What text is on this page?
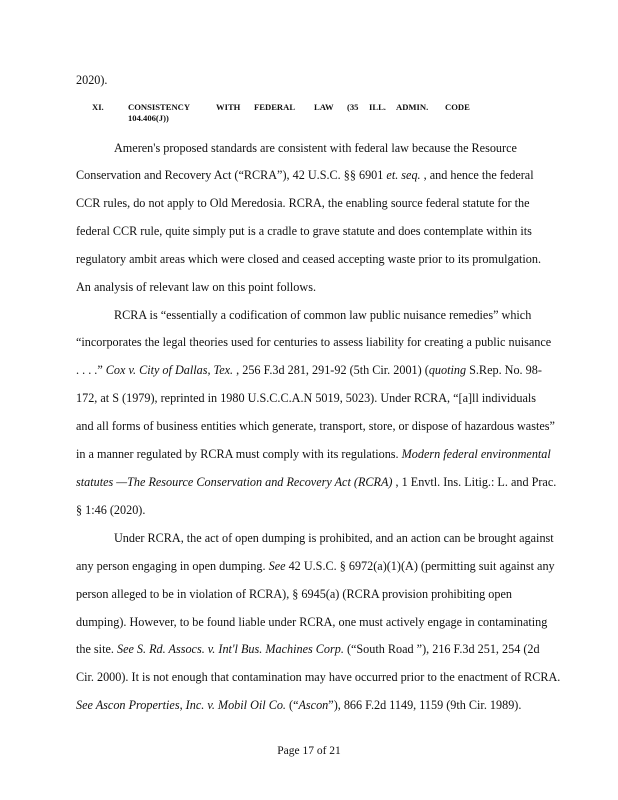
2020).
XI.	CONSISTENCY	WITH FEDERAL LAW (35 ILL. ADMIN. CODE
104.406(J))
Ameren's proposed standards are consistent with federal law because the Resource
Conservation and Recovery Act (“RCRA”), 42 U.S.C. §§ 6901 et. seq. , and hence the federal
CCR rules, do not apply to Old Meredosia. RCRA, the enabling source federal statute for the
federal CCR rule, quite simply put is a cradle to grave statute and does contemplate within its
regulatory ambit areas which were closed and ceased accepting waste prior to its promulgation.
An analysis of relevant law on this point follows.
RCRA is “essentially a codification of common law public nuisance remedies” which
“incorporates the legal theories used for centuries to assess liability for creating a public nuisance
. . . .” Cox v. City of Dallas, Tex. , 256 F.3d 281, 291-92 (5th Cir. 2001) (quoting S.Rep. No. 98-
172, at S (1979), reprinted in 1980 U.S.C.C.A.N 5019, 5023). Under RCRA, “[a]ll individuals
and all forms of business entities which generate, transport, store, or dispose of hazardous wastes”
in a manner regulated by RCRA must comply with its regulations. Modern federal environmental
statutes —The Resource Conservation and Recovery Act (RCRA) , 1 Envtl. Ins. Litig.: L. and Prac.
§ 1:46 (2020).
Under RCRA, the act of open dumping is prohibited, and an action can be brought against
any person engaging in open dumping. See 42 U.S.C. § 6972(a)(1)(A) (permitting suit against any
person alleged to be in violation of RCRA), § 6945(a) (RCRA provision prohibiting open
dumping). However, to be found liable under RCRA, one must actively engage in contaminating
the site. See S. Rd. Assocs. v. Int'l Bus. Machines Corp. (“South Road ”), 216 F.3d 251, 254 (2d
Cir. 2000). It is not enough that contamination may have occurred prior to the enactment of RCRA.
See Ascon Properties, Inc. v. Mobil Oil Co. (“Ascon”), 866 F.2d 1149, 1159 (9th Cir. 1989).
Page 17 of 21
